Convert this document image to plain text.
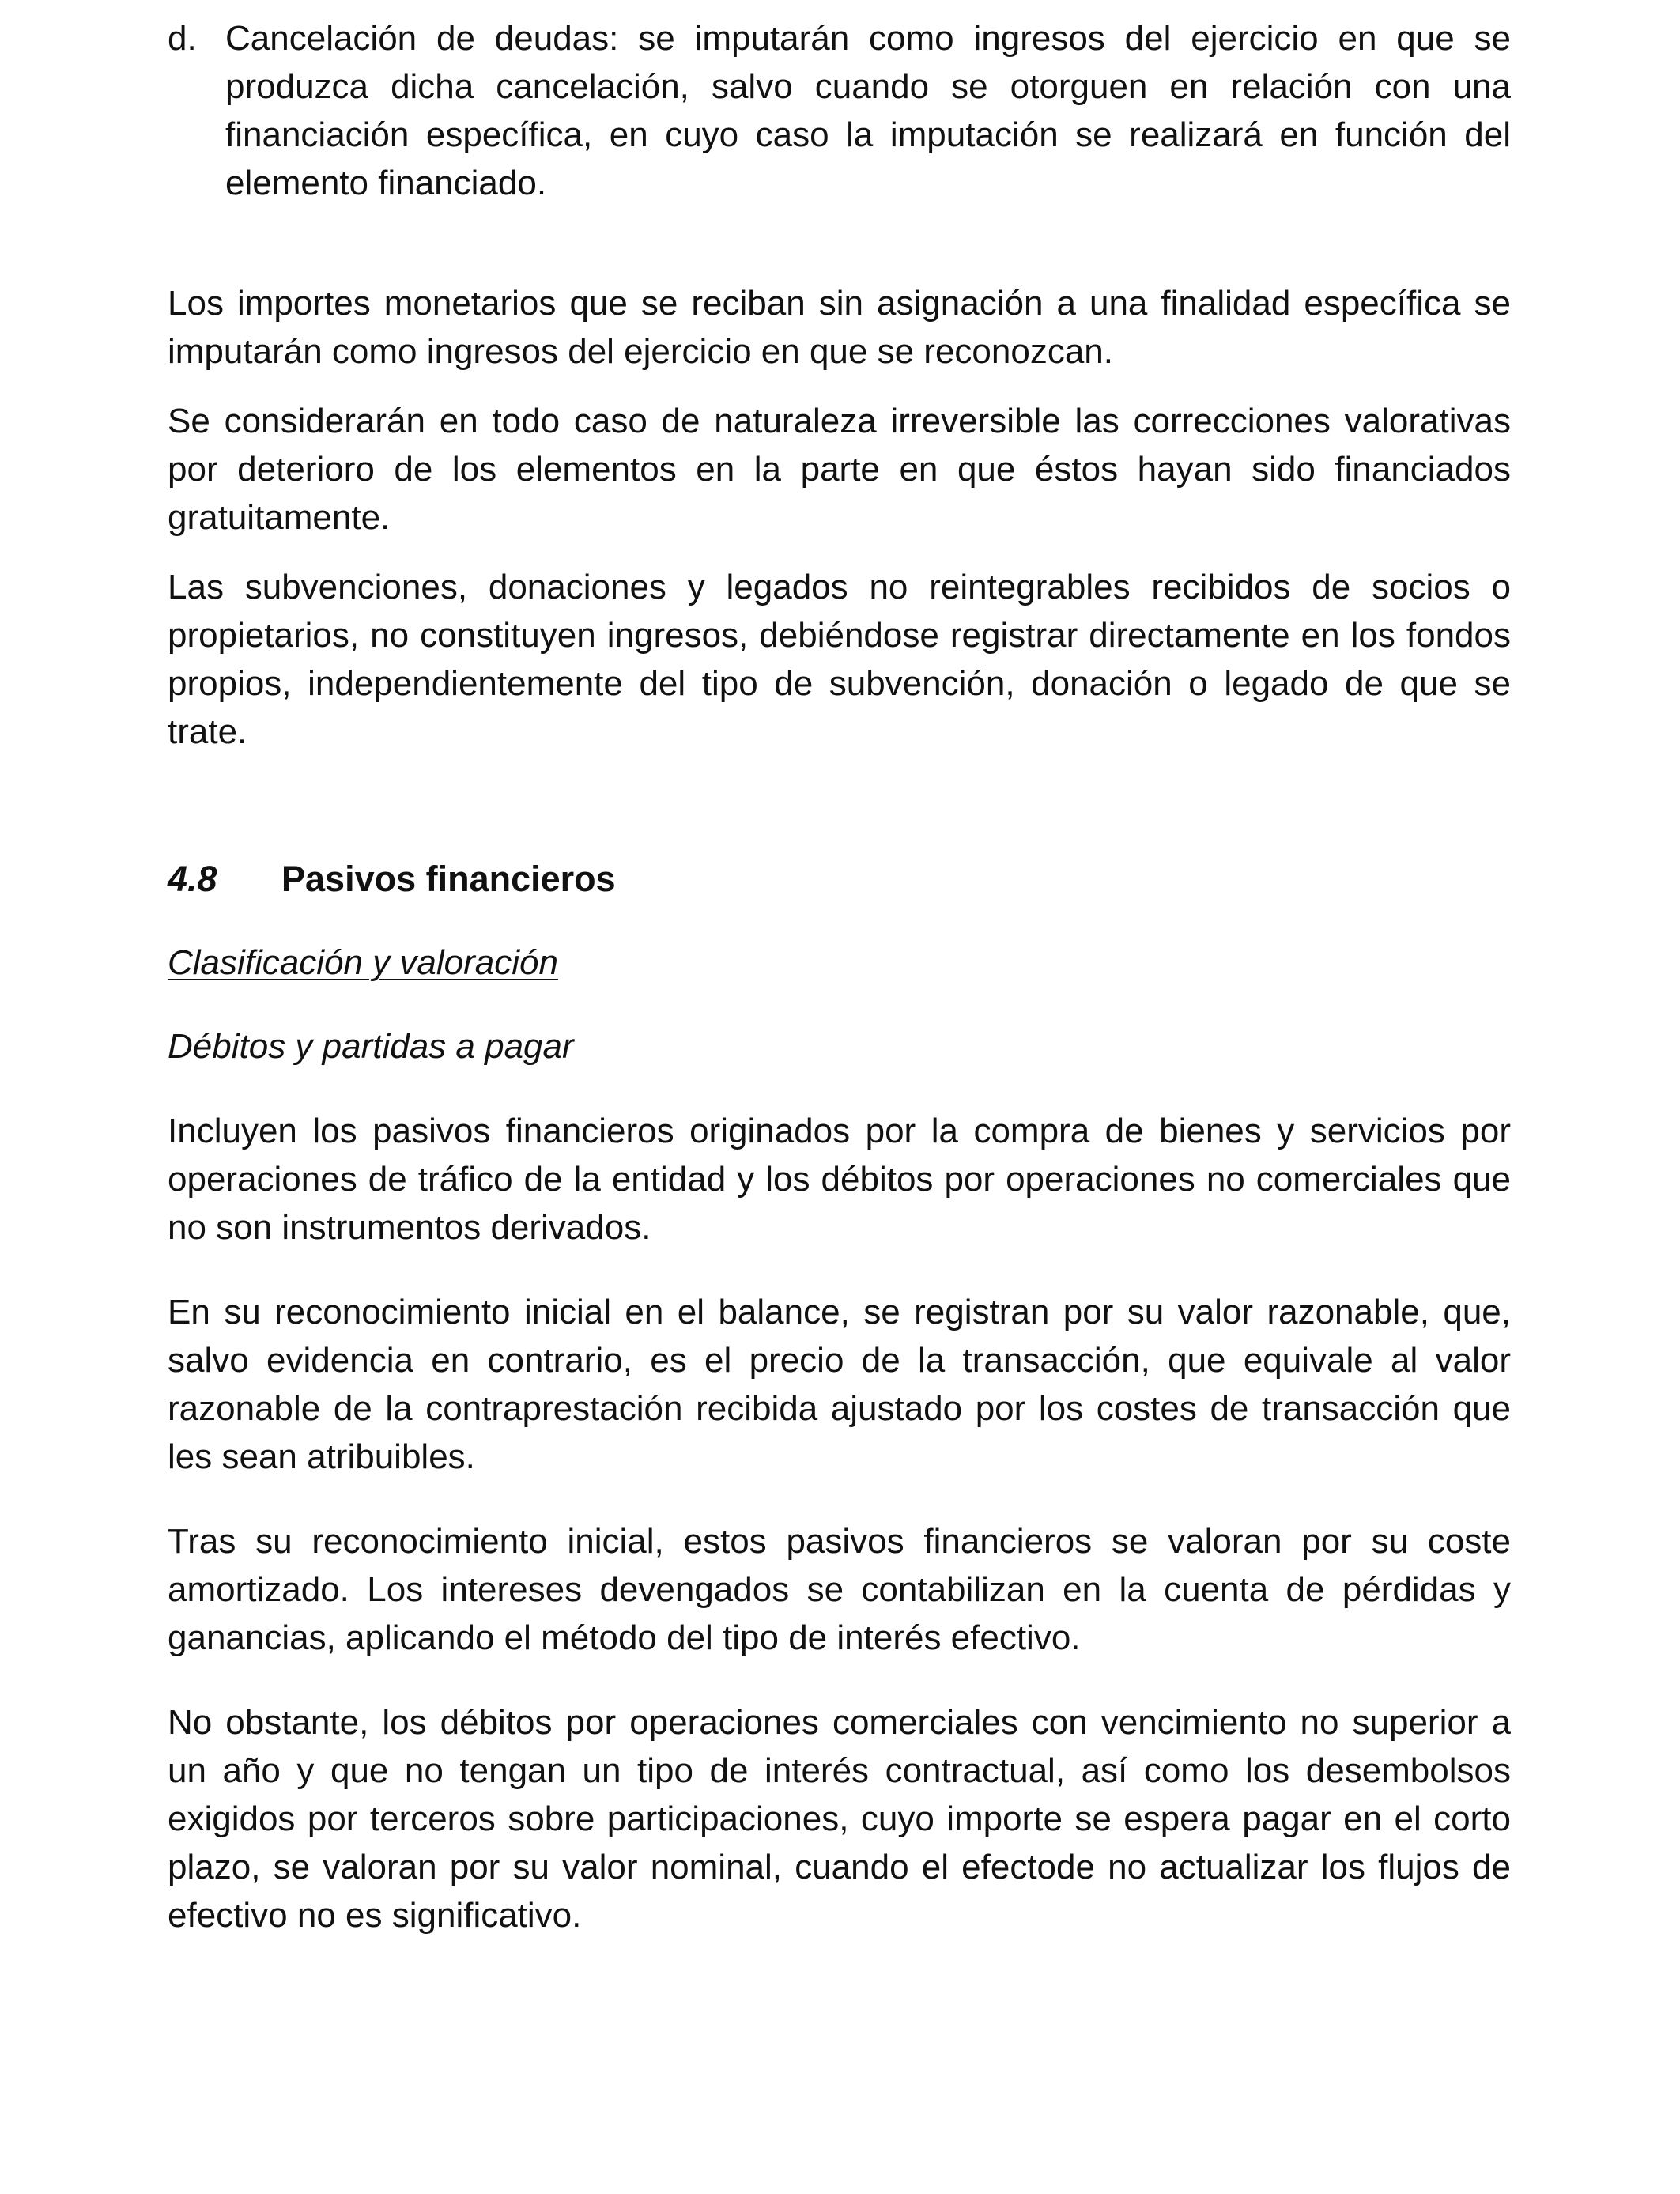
d. Cancelación de deudas: se imputarán como ingresos del ejercicio en que se produzca dicha cancelación, salvo cuando se otorguen en relación con una financiación específica, en cuyo caso la imputación se realizará en función del elemento financiado.

Los importes monetarios que se reciban sin asignación a una finalidad específica se imputarán como ingresos del ejercicio en que se reconozcan.

Se considerarán en todo caso de naturaleza irreversible las correcciones valorativas por deterioro de los elementos en la parte en que éstos hayan sido financiados gratuitamente.

Las subvenciones, donaciones y legados no reintegrables recibidos de socios o propietarios, no constituyen ingresos, debiéndose registrar directamente en los fondos propios, independientemente del tipo de subvención, donación o legado de que se trate.

4.8	Pasivos financieros
Clasificación y valoración
Débitos y partidas a pagar

Incluyen los pasivos financieros originados por la compra de bienes y servicios por operaciones de tráfico de la entidad y los débitos por operaciones no comerciales que no son instrumentos derivados.

En su reconocimiento inicial en el balance, se registran por su valor razonable, que, salvo evidencia en contrario, es el precio de la transacción, que equivale al valor razonable de la contraprestación recibida ajustado por los costes de transacción que les sean atribuibles.

Tras su reconocimiento inicial, estos pasivos financieros se valoran por su coste amortizado. Los intereses devengados se contabilizan en la cuenta de pérdidas y ganancias, aplicando el método del tipo de interés efectivo.

No obstante, los débitos por operaciones comerciales con vencimiento no superior a un año y que no tengan un tipo de interés contractual, así como los desembolsos exigidos por terceros sobre participaciones, cuyo importe se espera pagar en el corto plazo, se valoran por su valor nominal, cuando el efectode no actualizar los flujos de efectivo no es significativo.
